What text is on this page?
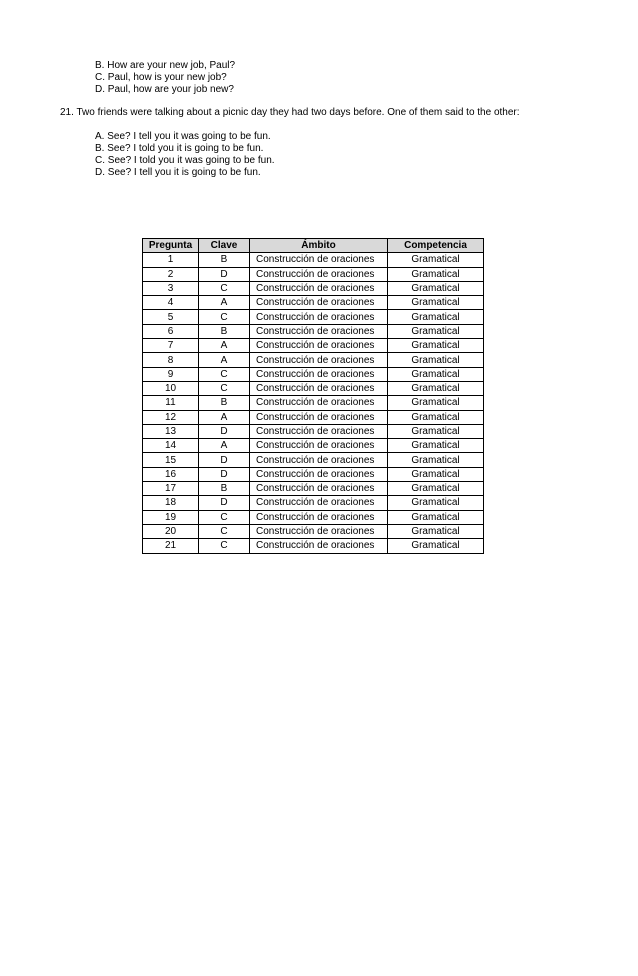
B. How are your new job, Paul?
C. Paul, how is your new job?
D. Paul, how are your job new?
21. Two friends were talking about a picnic day they had two days before. One of them said to the other:
A. See? I tell you it was going to be fun.
B. See? I told you it is going to be fun.
C. See? I told you it was going to be fun.
D. See? I tell you it is going to be fun.
Pregunta	Clave	Ámbito	Competencia
1	B	Construcción de oraciones	Gramatical
2	D	Construcción de oraciones	Gramatical
3	C	Construcción de oraciones	Gramatical
4	A	Construcción de oraciones	Gramatical
5	C	Construcción de oraciones	Gramatical
6	B	Construcción de oraciones	Gramatical
7	A	Construcción de oraciones	Gramatical
8	A	Construcción de oraciones	Gramatical
9	C	Construcción de oraciones	Gramatical
10	C	Construcción de oraciones	Gramatical
11	B	Construcción de oraciones	Gramatical
12	A	Construcción de oraciones	Gramatical
13	D	Construcción de oraciones	Gramatical
14	A	Construcción de oraciones	Gramatical
15	D	Construcción de oraciones	Gramatical
16	D	Construcción de oraciones	Gramatical
17	B	Construcción de oraciones	Gramatical
18	D	Construcción de oraciones	Gramatical
19	C	Construcción de oraciones	Gramatical
20	C	Construcción de oraciones	Gramatical
21	C	Construcción de oraciones	Gramatical
